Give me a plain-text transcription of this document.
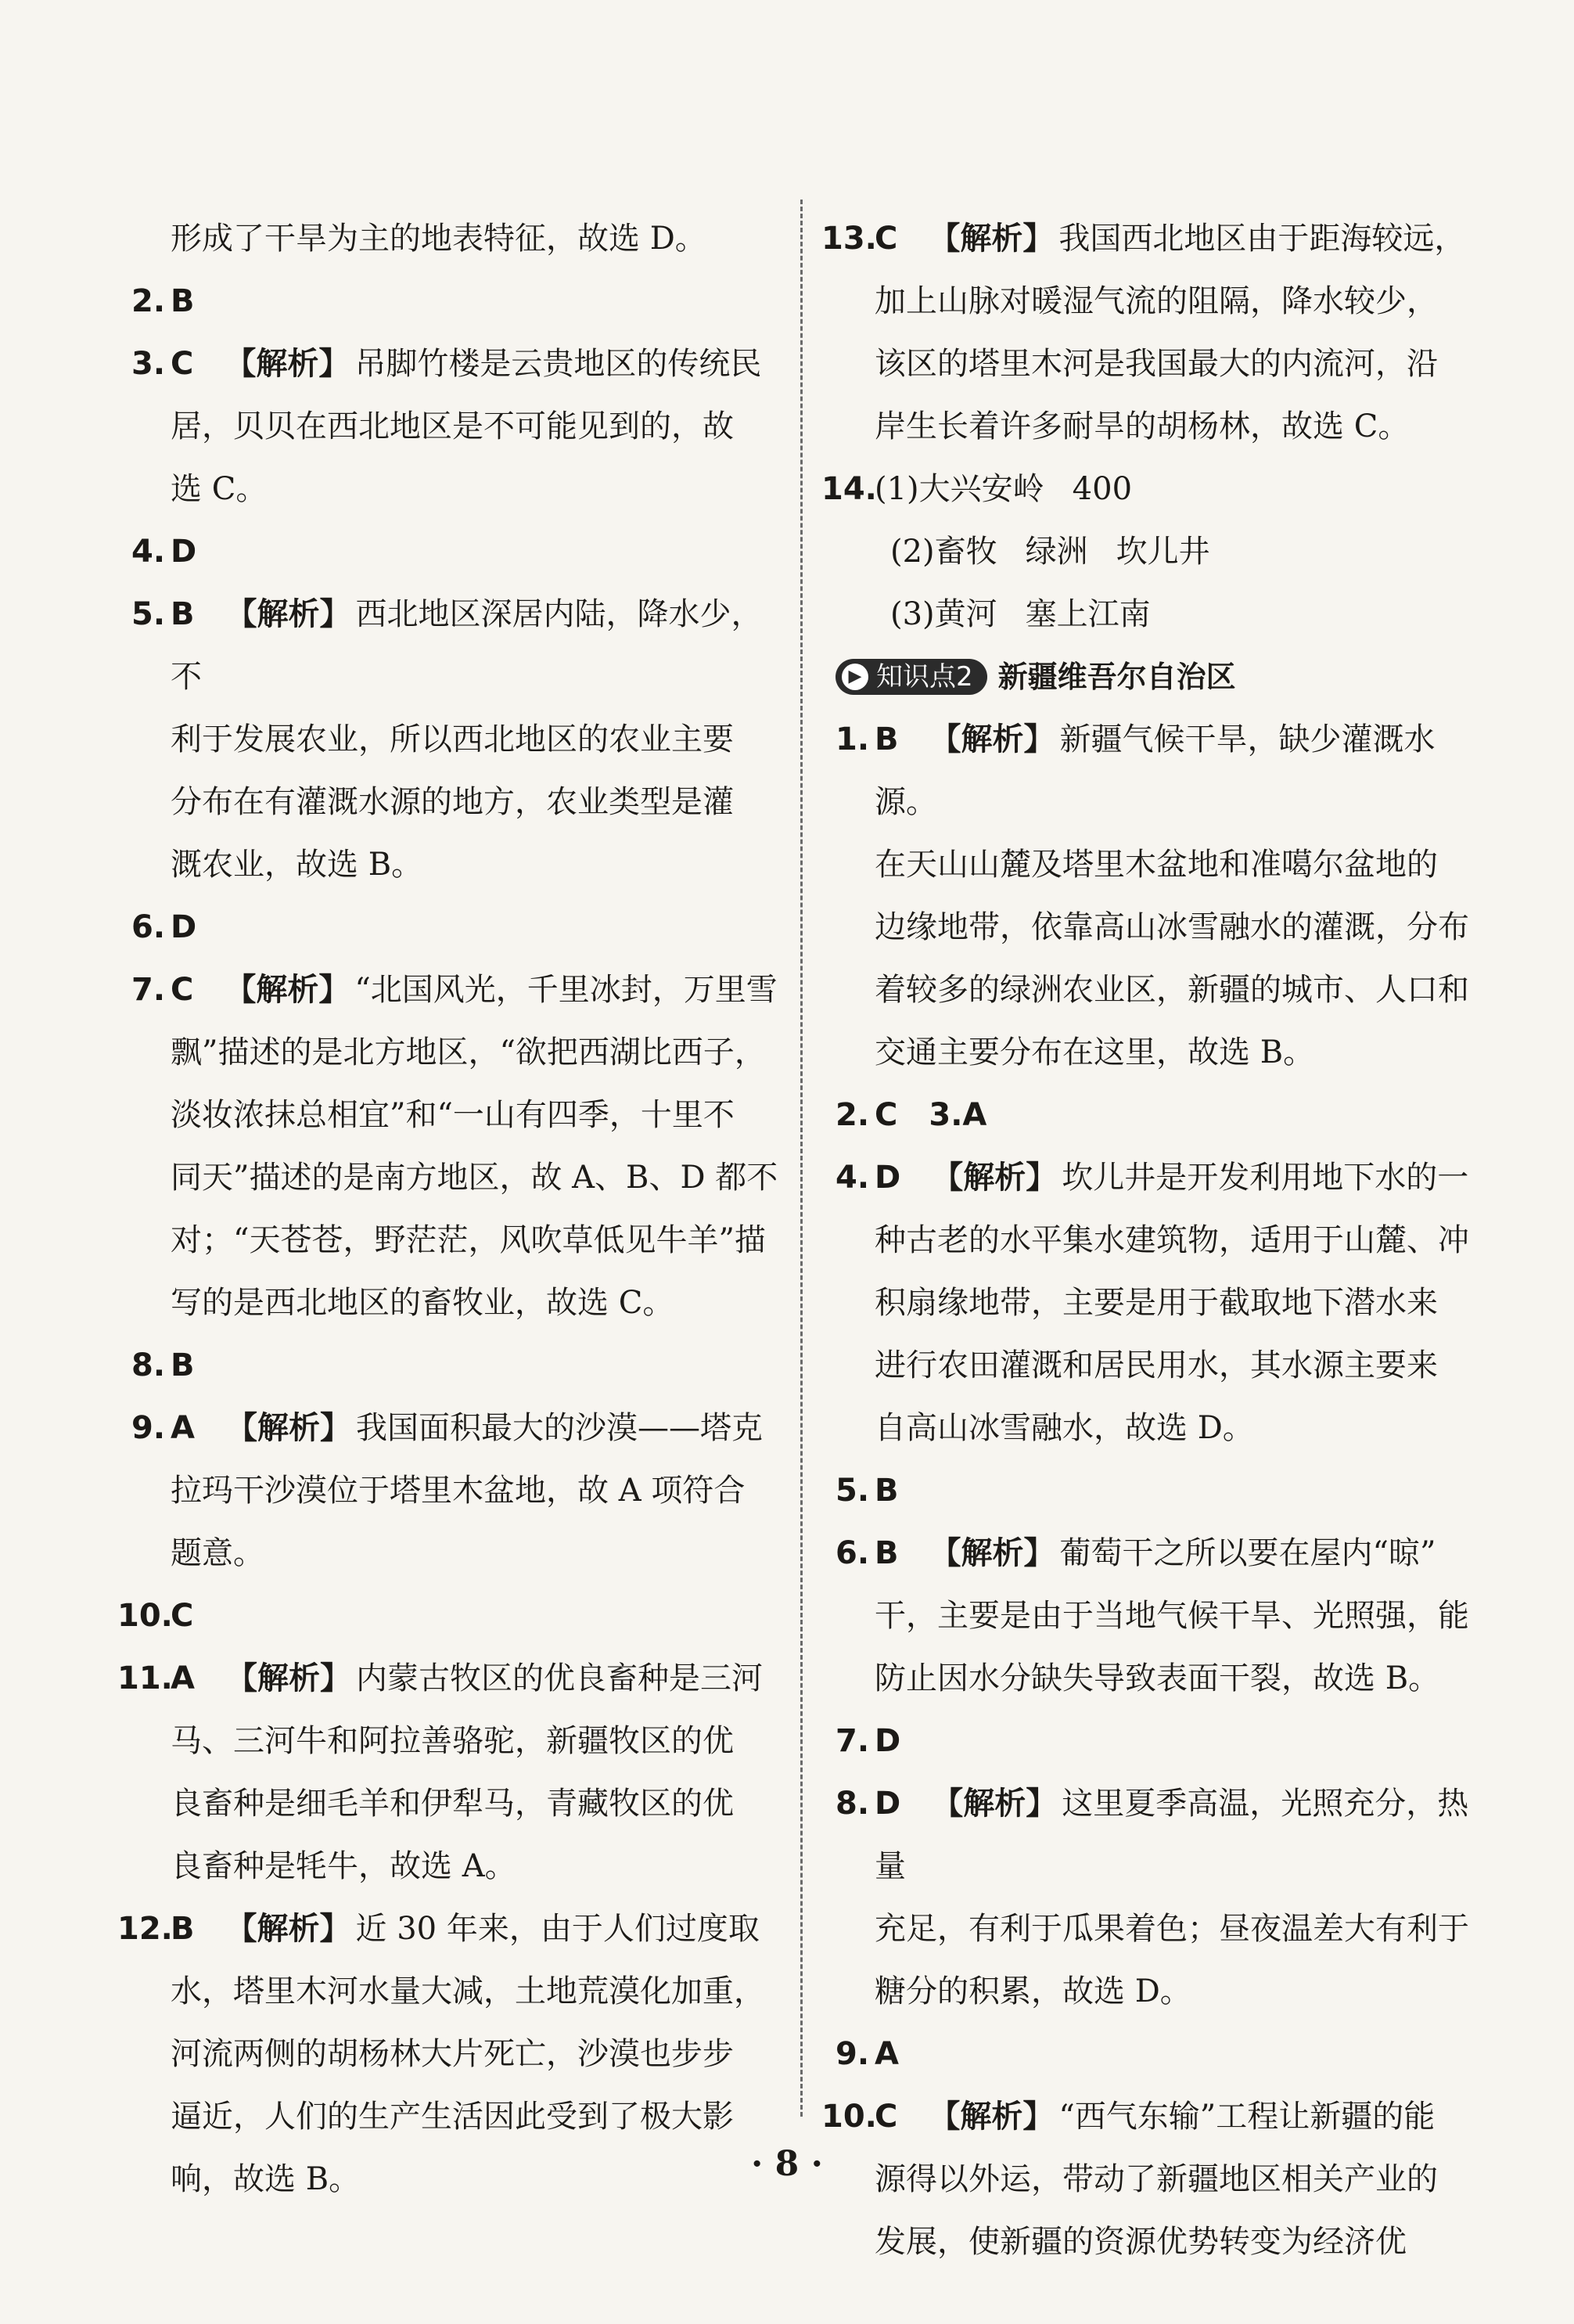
形成了干旱为主的地表特征，故选 D。

2. B
3. C 【解析】 吊脚竹楼是云贵地区的传统民
居，贝贝在西北地区是不可能见到的，故
选 C。
4. D
5. B 【解析】 西北地区深居内陆，降水少，不
利于发展农业，所以西北地区的农业主要
分布在有灌溉水源的地方，农业类型是灌
溉农业，故选 B。
6. D
7. C 【解析】 “北国风光，千里冰封，万里雪
飘”描述的是北方地区，“欲把西湖比西子，
淡妆浓抹总相宜”和“一山有四季，十里不
同天”描述的是南方地区，故 A、B、D 都不
对；“天苍苍，野茫茫，风吹草低见牛羊”描
写的是西北地区的畜牧业，故选 C。
8. B
9. A 【解析】 我国面积最大的沙漠——塔克
拉玛干沙漠位于塔里木盆地，故 A 项符合
题意。
10.
C
11.
A 【解析】 内蒙古牧区的优良畜种是三河
马、三河牛和阿拉善骆驼，新疆牧区的优
良畜种是细毛羊和伊犁马，青藏牧区的优
良畜种是牦牛，故选 A。
12.
B 【解析】 近 30 年来，由于人们过度取
水，塔里木河水量大减，土地荒漠化加重，
河流两侧的胡杨林大片死亡，沙漠也步步
逼近，人们的生产生活因此受到了极大影
响，故选 B。
13.
C 【解析】 我国西北地区由于距海较远，
加上山脉对暖湿气流的阻隔，降水较少，
该区的塔里木河是我国最大的内流河，沿
岸生长着许多耐旱的胡杨林，故选 C。
14.
(1)大兴安岭 400
(2)畜牧 绿洲 坎儿井
(3)黄河 塞上江南
▶ 知识点2 新疆维吾尔自治区
1. B 【解析】 新疆气候干旱，缺少灌溉水源。
在天山山麓及塔里木盆地和准噶尔盆地的
边缘地带，依靠高山冰雪融水的灌溉，分布
着较多的绿洲农业区，新疆的城市、人口和
交通主要分布在这里，故选 B。
2. C 3.A
4. D 【解析】 坎儿井是开发利用地下水的一
种古老的水平集水建筑物，适用于山麓、冲
积扇缘地带，主要是用于截取地下潜水来
进行农田灌溉和居民用水，其水源主要来
自高山冰雪融水，故选 D。
5. B
6. B 【解析】 葡萄干之所以要在屋内“晾”
干，主要是由于当地气候干旱、光照强，能
防止因水分缺失导致表面干裂，故选 B。
7. D
8. D 【解析】 这里夏季高温，光照充分，热量
充足，有利于瓜果着色；昼夜温差大有利于
糖分的积累，故选 D。
9. A
10.
C 【解析】 “西气东输”工程让新疆的能
源得以外运，带动了新疆地区相关产业的
发展，使新疆的资源优势转变为经济优
· 8 ·
